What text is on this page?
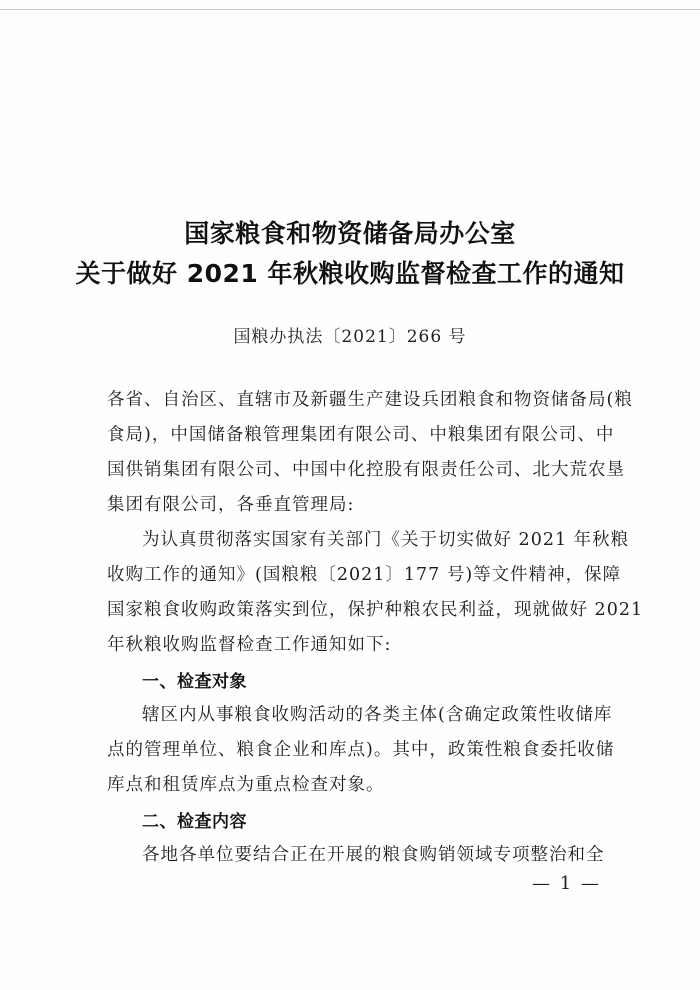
国家粮食和物资储备局办公室
关于做好 2021 年秋粮收购监督检查工作的通知
国粮办执法〔2021〕266 号
各省、自治区、直辖市及新疆生产建设兵团粮食和物资储备局(粮
食局)，中国储备粮管理集团有限公司、中粮集团有限公司、中
国供销集团有限公司、中国中化控股有限责任公司、北大荒农垦
集团有限公司，各垂直管理局:
为认真贯彻落实国家有关部门《关于切实做好 2021 年秋粮
收购工作的通知》(国粮粮〔2021〕177 号)等文件精神，保障
国家粮食收购政策落实到位，保护种粮农民利益，现就做好 2021
年秋粮收购监督检查工作通知如下:
一、检查对象
辖区内从事粮食收购活动的各类主体(含确定政策性收储库
点的管理单位、粮食企业和库点)。其中，政策性粮食委托收储
库点和租赁库点为重点检查对象。
二、检查内容
各地各单位要结合正在开展的粮食购销领域专项整治和全
— 1 —
